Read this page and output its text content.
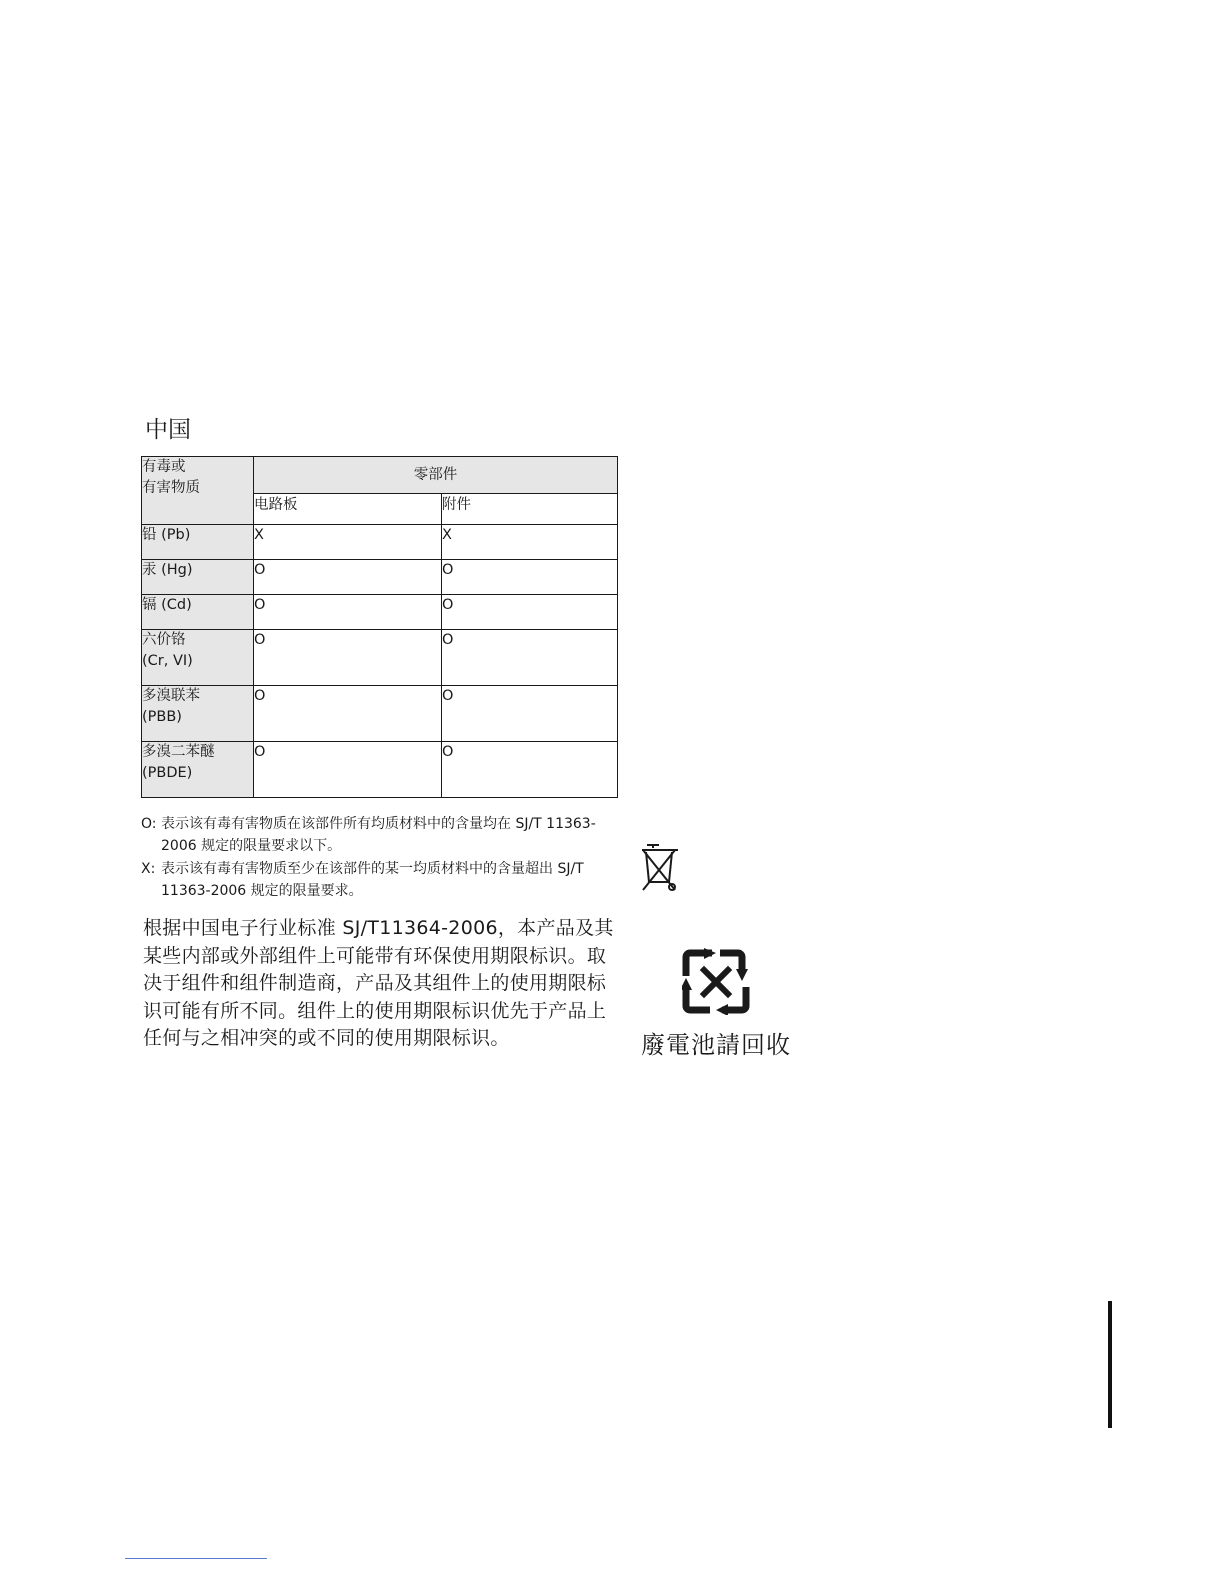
中国
有毒或
有害物质	零部件	
	电路板	附件
铅 (Pb)	X	X
汞 (Hg)	O	O
镉 (Cd)	O	O
六价铬
(Cr, VI)	O	O
多溴联苯
(PBB)	O	O
多溴二苯醚
(PBDE)	O	O
O: 表示该有毒有害物质在该部件所有均质材料中的含量均在 SJ/T 11363-2006 规定的限量要求以下。
X: 表示该有毒有害物质至少在该部件的某一均质材料中的含量超出 SJ/T 11363-2006 规定的限量要求。

根据中国电子行业标准 SJ/T11364-2006，本产品及其某些内部或外部组件上可能带有环保使用期限标识。取决于组件和组件制造商，产品及其组件上的使用期限标识可能有所不同。组件上的使用期限标识优先于产品上任何与之相冲突的或不同的使用期限标识。	廢電池請回收
